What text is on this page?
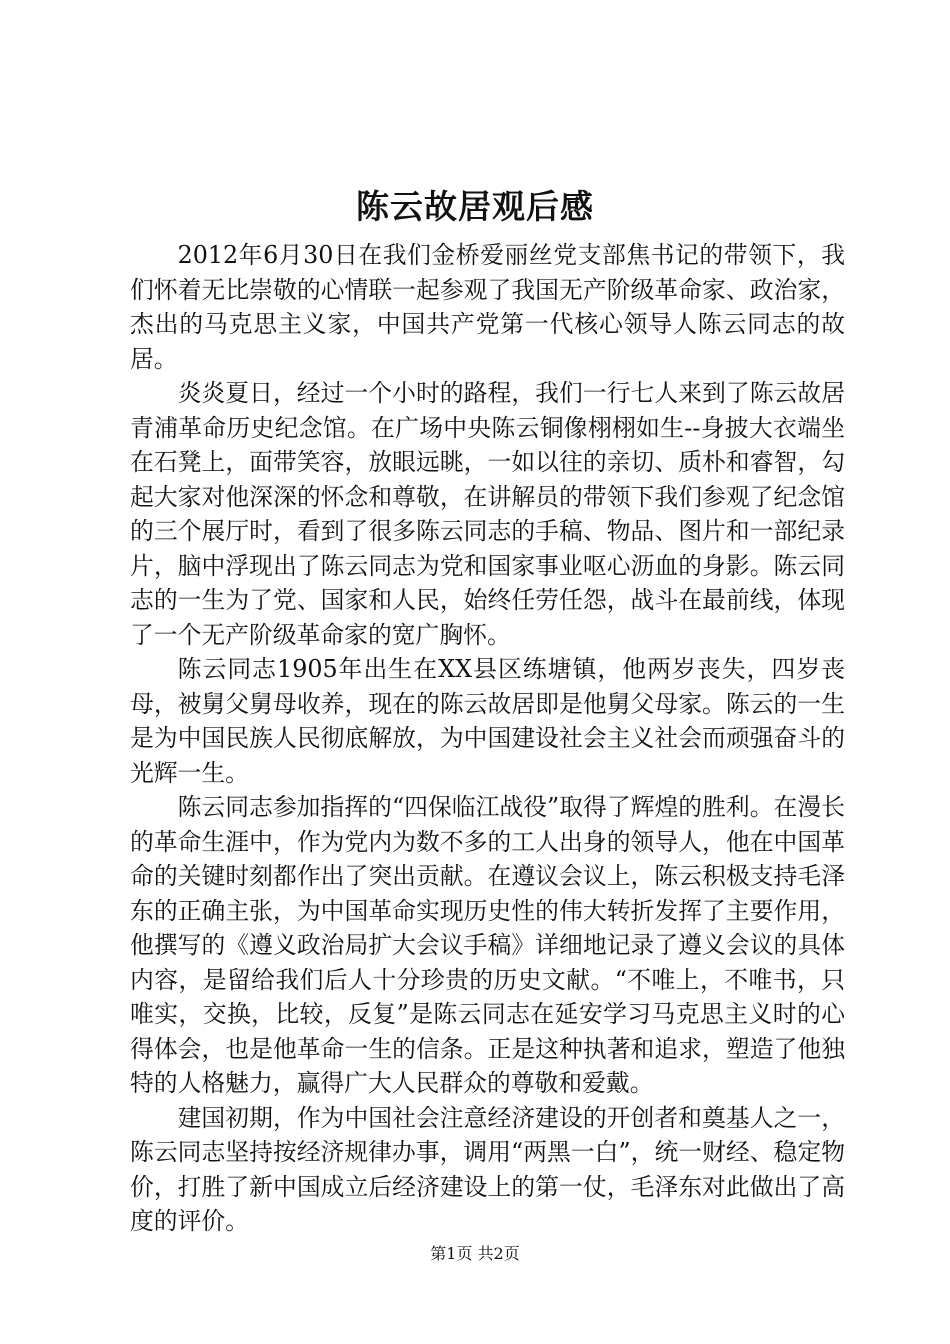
陈云故居观后感

2012年6月30日在我们金桥爱丽丝党支部焦书记的带领下，我们怀着无比崇敬的心情联一起参观了我国无产阶级革命家、政治家，杰出的马克思主义家，中国共产党第一代核心领导人陈云同志的故居。

炎炎夏日，经过一个小时的路程，我们一行七人来到了陈云故居青浦革命历史纪念馆。在广场中央陈云铜像栩栩如生--身披大衣端坐在石凳上，面带笑容，放眼远眺，一如以往的亲切、质朴和睿智，勾起大家对他深深的怀念和尊敬，在讲解员的带领下我们参观了纪念馆的三个展厅时，看到了很多陈云同志的手稿、物品、图片和一部纪录片，脑中浮现出了陈云同志为党和国家事业呕心沥血的身影。陈云同志的一生为了党、国家和人民，始终任劳任怨，战斗在最前线，体现了一个无产阶级革命家的宽广胸怀。

陈云同志1905年出生在XX县区练塘镇，他两岁丧失，四岁丧母，被舅父舅母收养，现在的陈云故居即是他舅父母家。陈云的一生是为中国民族人民彻底解放，为中国建设社会主义社会而顽强奋斗的光辉一生。

陈云同志参加指挥的“四保临江战役”取得了辉煌的胜利。在漫长的革命生涯中，作为党内为数不多的工人出身的领导人，他在中国革命的关键时刻都作出了突出贡献。在遵议会议上，陈云积极支持毛泽东的正确主张，为中国革命实现历史性的伟大转折发挥了主要作用，他撰写的《遵义政治局扩大会议手稿》详细地记录了遵义会议的具体内容，是留给我们后人十分珍贵的历史文献。“不唯上，不唯书，只唯实，交换，比较，反复”是陈云同志在延安学习马克思主义时的心得体会，也是他革命一生的信条。正是这种执著和追求，塑造了他独特的人格魅力，赢得广大人民群众的尊敬和爱戴。

建国初期，作为中国社会注意经济建设的开创者和奠基人之一，陈云同志坚持按经济规律办事，调用“两黑一白”，统一财经、稳定物价，打胜了新中国成立后经济建设上的第一仗，毛泽东对此做出了高度的评价。

第1页 共2页
